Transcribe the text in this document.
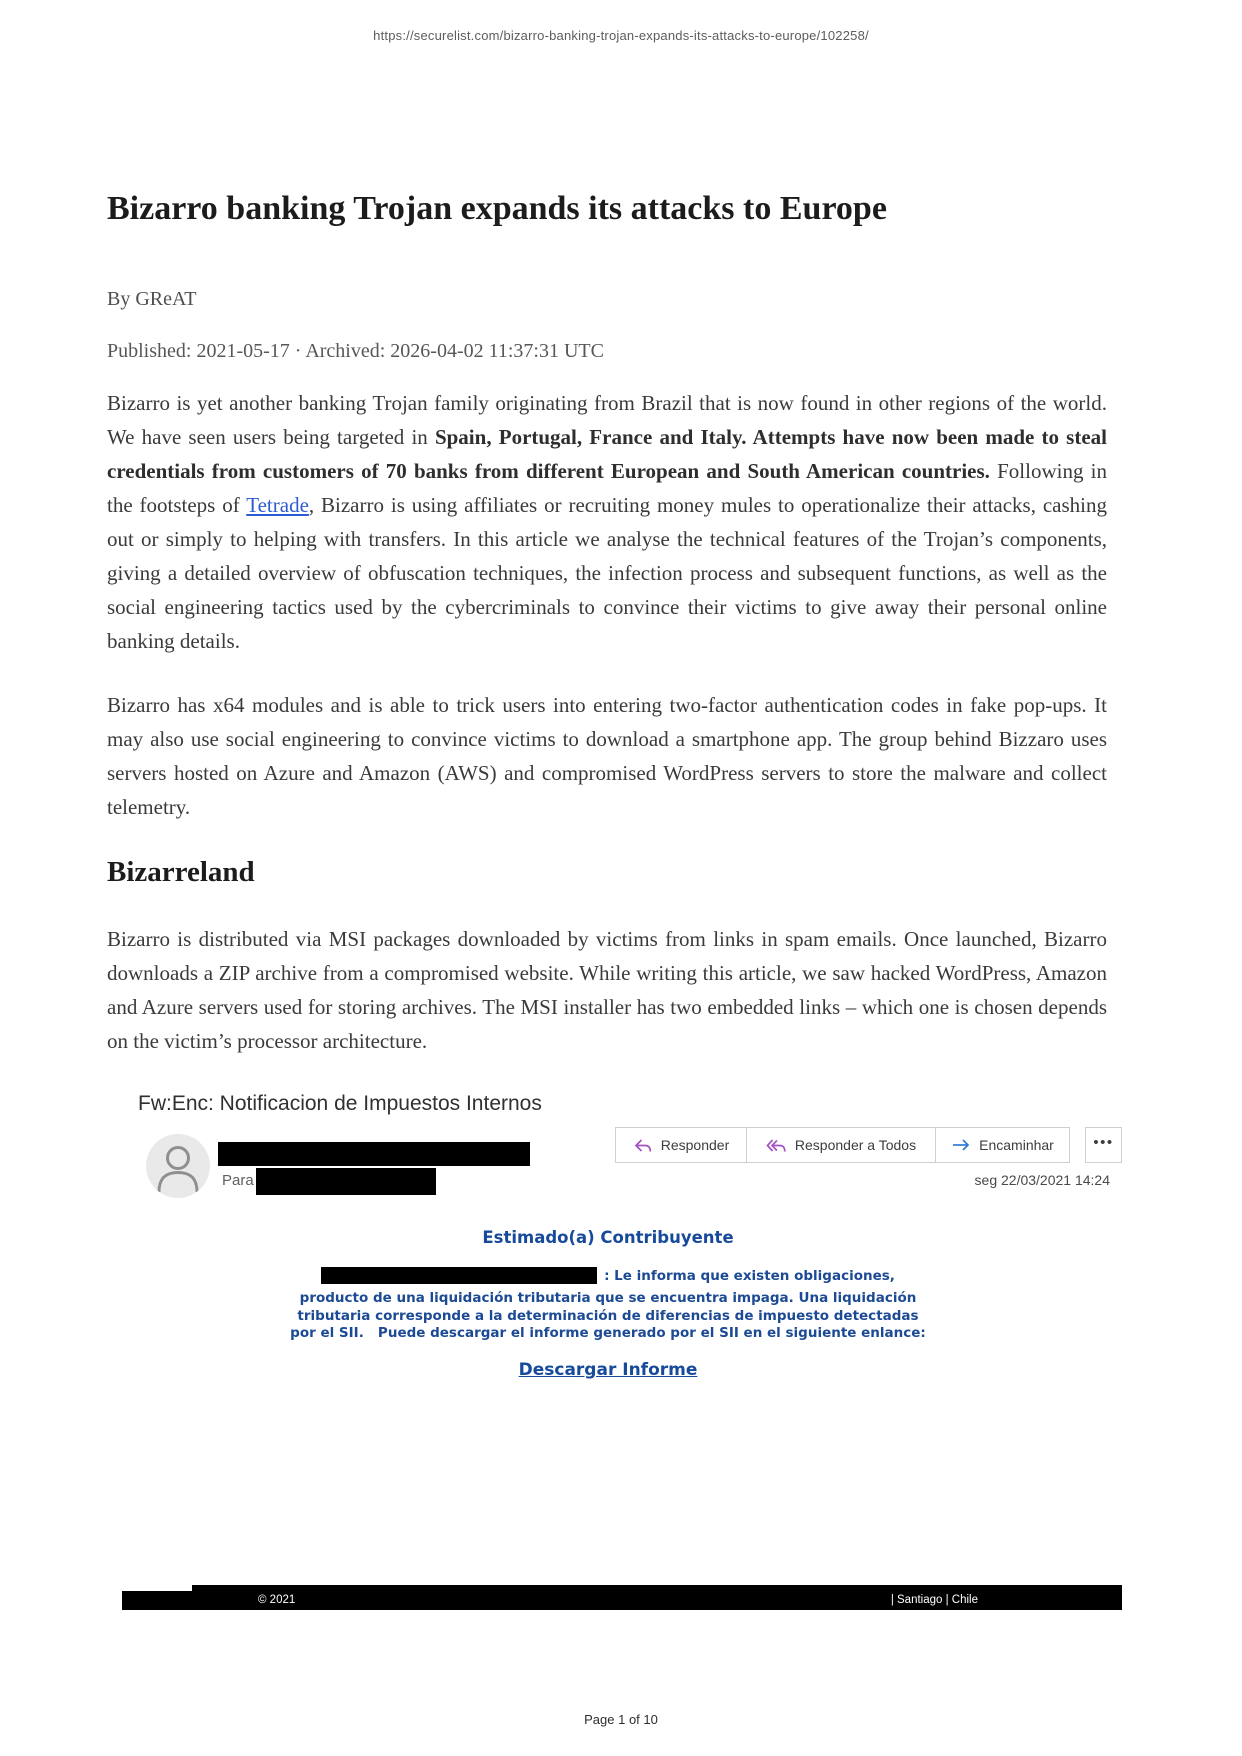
https://securelist.com/bizarro-banking-trojan-expands-its-attacks-to-europe/102258/
Bizarro banking Trojan expands its attacks to Europe
By GReAT
Published: 2021-05-17 · Archived: 2026-04-02 11:37:31 UTC

Bizarro is yet another banking Trojan family originating from Brazil that is now found in other regions of the world. We have seen users being targeted in Spain, Portugal, France and Italy. Attempts have now been made to steal credentials from customers of 70 banks from different European and South American countries. Following in the footsteps of Tetrade, Bizarro is using affiliates or recruiting money mules to operationalize their attacks, cashing out or simply to helping with transfers. In this article we analyse the technical features of the Trojan’s components, giving a detailed overview of obfuscation techniques, the infection process and subsequent functions, as well as the social engineering tactics used by the cybercriminals to convince their victims to give away their personal online banking details.

Bizarro has x64 modules and is able to trick users into entering two-factor authentication codes in fake pop-ups. It may also use social engineering to convince victims to download a smartphone app. The group behind Bizzaro uses servers hosted on Azure and Amazon (AWS) and compromised WordPress servers to store the malware and collect telemetry.

Bizarreland

Bizarro is distributed via MSI packages downloaded by victims from links in spam emails. Once launched, Bizarro downloads a ZIP archive from a compromised website. While writing this article, we saw hacked WordPress, Amazon and Azure servers used for storing archives. The MSI installer has two embedded links – which one is chosen depends on the victim’s processor architecture.

Fw:Enc: Notificacion de Impuestos Internos
Responder	Responder a Todos	Encaminhar	•••
seg 22/03/2021 14:24
Para
Estimado(a) Contribuyente
: Le informa que existen obligaciones,
producto de una liquidación tributaria que se encuentra impaga. Una liquidación
tributaria corresponde a la determinación de diferencias de impuesto detectadas
por el SII.   Puede descargar el informe generado por el SII en el siguiente enlance:
Descargar Informe
© 2021	| Santiago | Chile
Page 1 of 10
